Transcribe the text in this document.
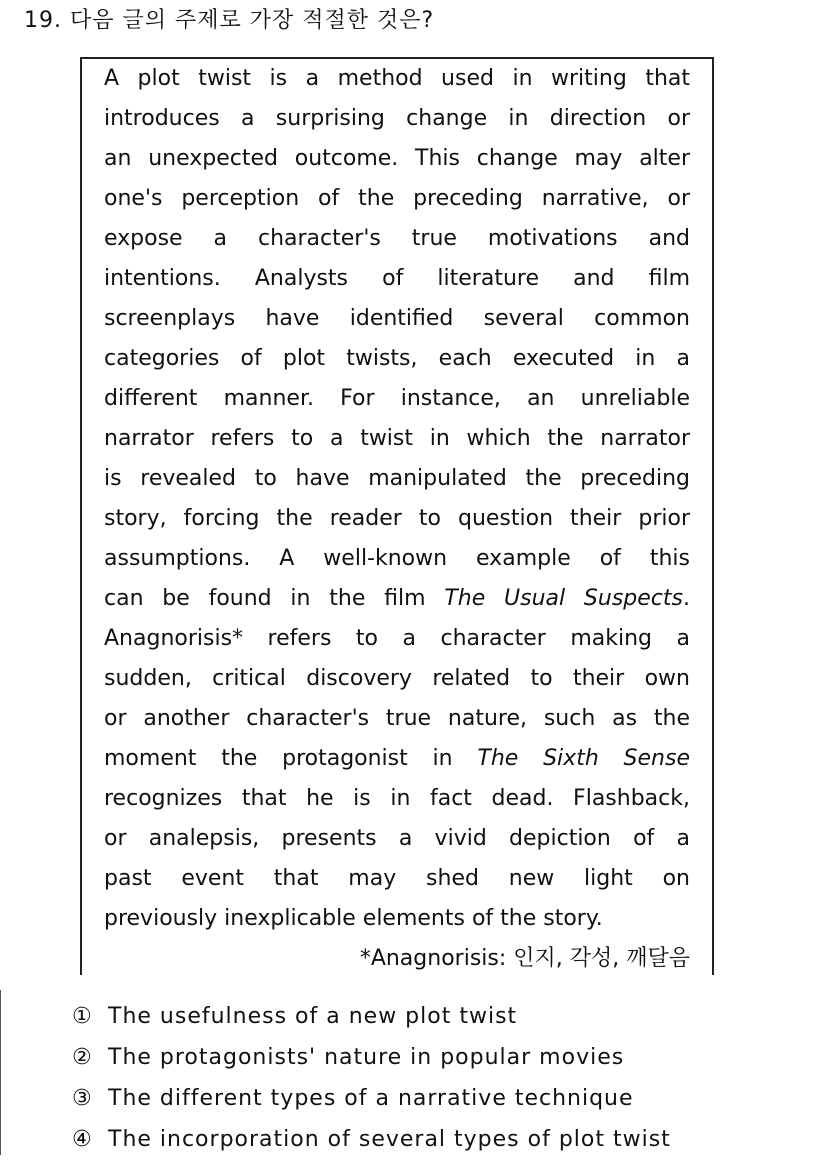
19. 다음 글의 주제로 가장 적절한 것은?
A plot twist is a method used in writing that
introduces a surprising change in direction or
an unexpected outcome. This change may alter
one's perception of the preceding narrative, or
expose a character's true motivations and
intentions. Analysts of literature and film
screenplays have identified several common
categories of plot twists, each executed in a
different manner. For instance, an unreliable
narrator refers to a twist in which the narrator
is revealed to have manipulated the preceding
story, forcing the reader to question their prior
assumptions. A well-known example of this
can be found in the film The Usual Suspects.
Anagnorisis* refers to a character making a
sudden, critical discovery related to their own
or another character's true nature, such as the
moment the protagonist in The Sixth Sense
recognizes that he is in fact dead. Flashback,
or analepsis, presents a vivid depiction of a
past event that may shed new light on
previously inexplicable elements of the story.
*Anagnorisis: 인지, 각성, 깨달음
① The usefulness of a new plot twist
② The protagonists' nature in popular movies
③ The different types of a narrative technique
④ The incorporation of several types of plot twist
